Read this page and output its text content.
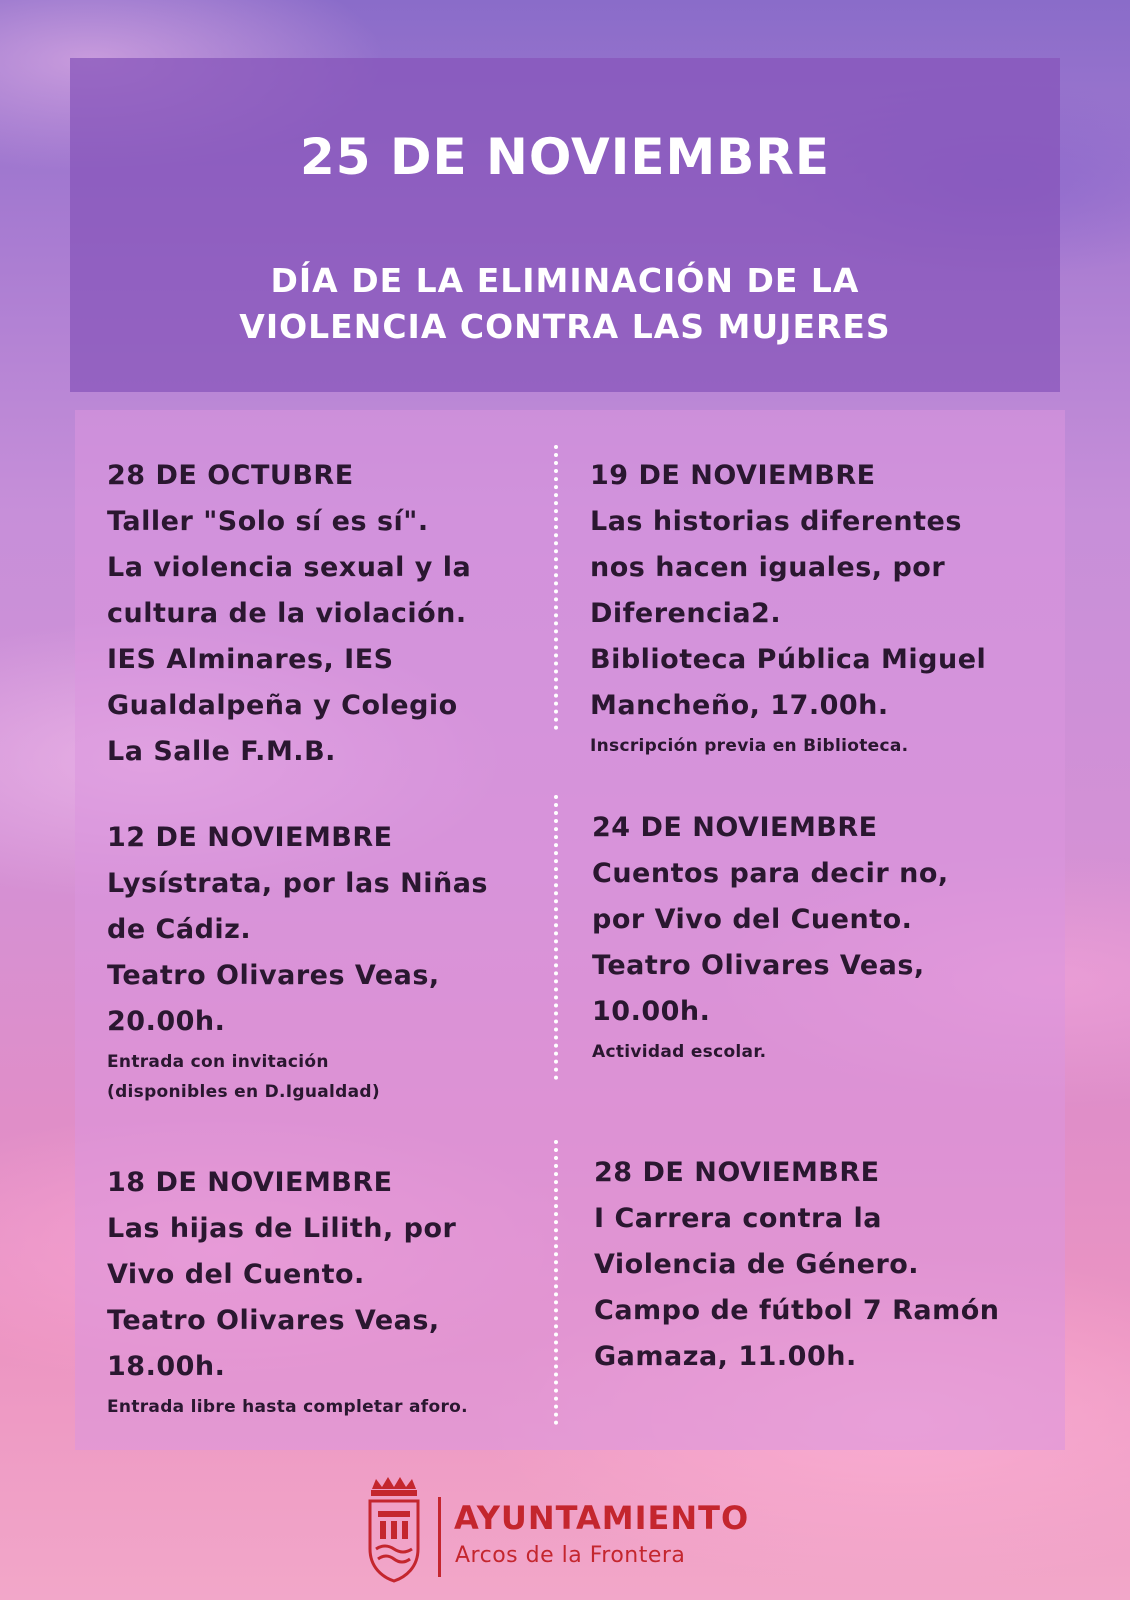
25 DE NOVIEMBRE
DÍA DE LA ELIMINACIÓN DE LA
VIOLENCIA CONTRA LAS MUJERES
28 DE OCTUBRE
Taller "Solo sí es sí".
La violencia sexual y la
cultura de la violación.
IES Alminares, IES
Gualdalpeña y Colegio
La Salle F.M.B.
19 DE NOVIEMBRE
Las historias diferentes
nos hacen iguales, por
Diferencia2.
Biblioteca Pública Miguel
Mancheño, 17.00h.
Inscripción previa en Biblioteca.
12 DE NOVIEMBRE
Lysístrata, por las Niñas
de Cádiz.
Teatro Olivares Veas,
20.00h.
Entrada con invitación
(disponibles en D.Igualdad)
24 DE NOVIEMBRE
Cuentos para decir no,
por Vivo del Cuento.
Teatro Olivares Veas,
10.00h.
Actividad escolar.
18 DE NOVIEMBRE
Las hijas de Lilith, por
Vivo del Cuento.
Teatro Olivares Veas,
18.00h.
Entrada libre hasta completar aforo.
28 DE NOVIEMBRE
I Carrera contra la
Violencia de Género.
Campo de fútbol 7 Ramón
Gamaza, 11.00h.
AYUNTAMIENTO
Arcos de la Frontera
